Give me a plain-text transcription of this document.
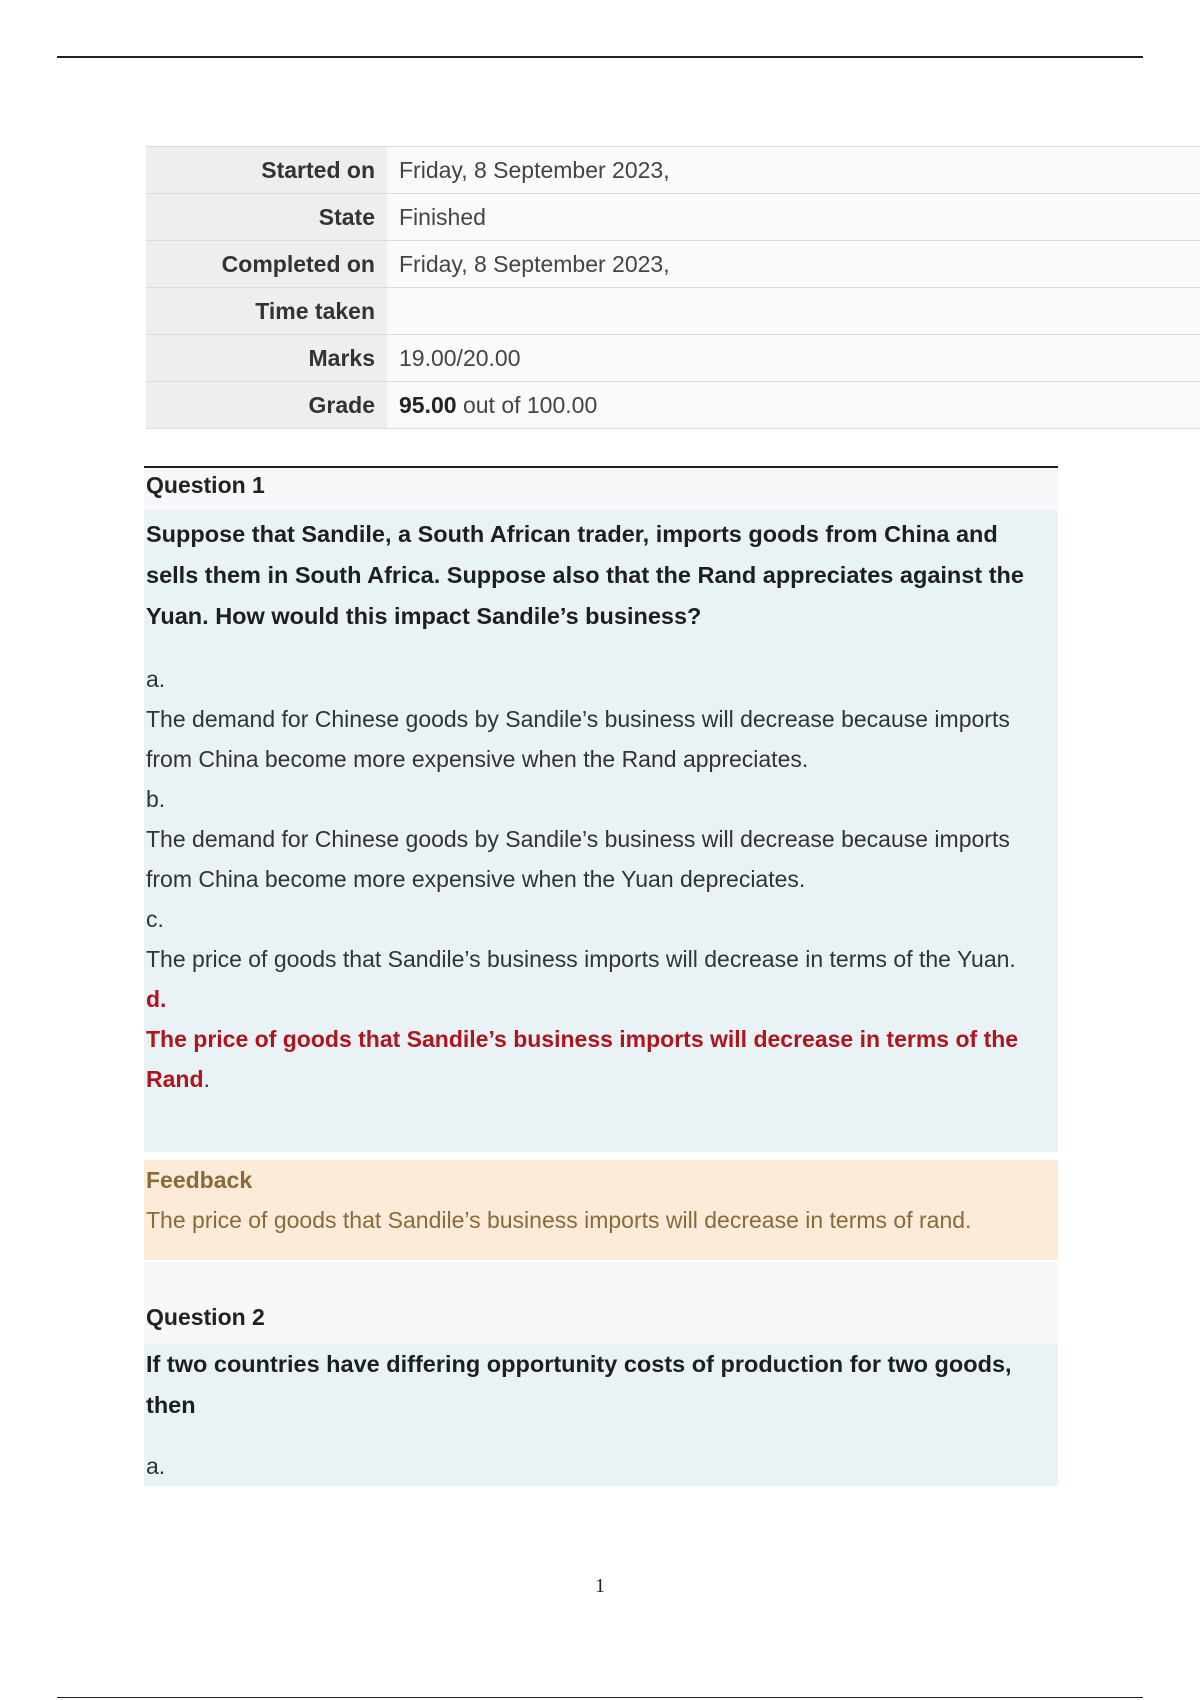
Started on	Friday, 8 September 2023,
State	Finished
Completed on	Friday, 8 September 2023,
Time taken	
Marks	19.00/20.00
Grade	95.00 out of 100.00
Question 1

Suppose that Sandile, a South African trader, imports goods from China and sells them in South Africa. Suppose also that the Rand appreciates against the Yuan. How would this impact Sandile’s business?

a.

The demand for Chinese goods by Sandile’s business will decrease because imports from China become more expensive when the Rand appreciates.

b.

The demand for Chinese goods by Sandile’s business will decrease because imports from China become more expensive when the Yuan depreciates.

c.

The price of goods that Sandile’s business imports will decrease in terms of the Yuan.

d.

The price of goods that Sandile’s business imports will decrease in terms of the Rand.

Feedback

The price of goods that Sandile’s business imports will decrease in terms of rand.

Question 2

If two countries have differing opportunity costs of production for two goods, then

a.

1
